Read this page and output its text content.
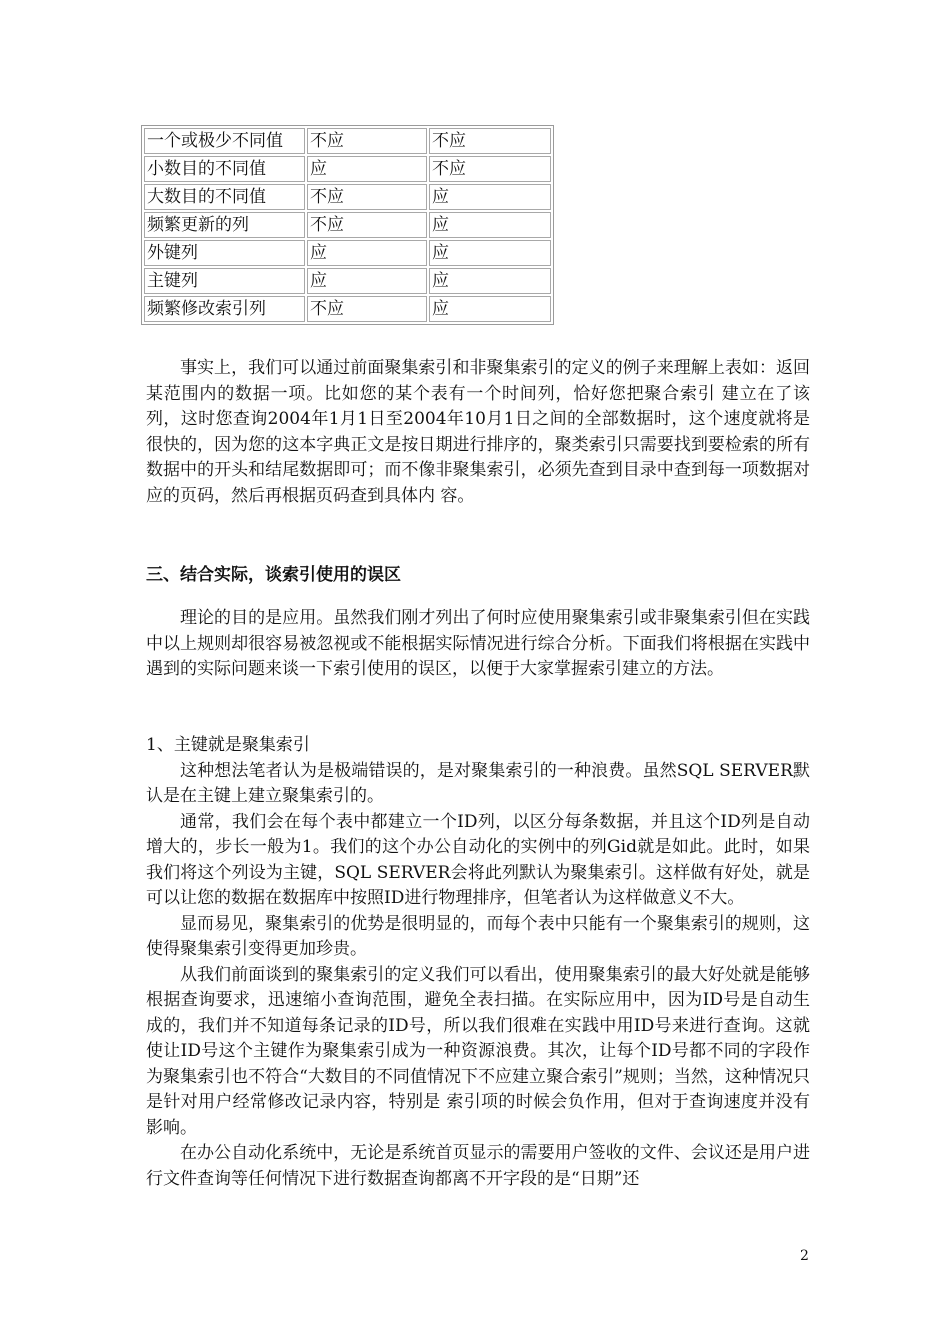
一个或极少不同值	不应	不应
小数目的不同值	应	不应
大数目的不同值	不应	应
频繁更新的列	不应	应
外键列	应	应
主键列	应	应
频繁修改索引列	不应	应

事实上，我们可以通过前面聚集索引和非聚集索引的定义的例子来理解上表如：返回某范围内的数据一项。比如您的某个表有一个时间列，恰好您把聚合索引 建立在了该列，这时您查询2004年1月1日至2004年10月1日之间的全部数据时，这个速度就将是很快的，因为您的这本字典正文是按日期进行排序的，聚类索引只需要找到要检索的所有数据中的开头和结尾数据即可；而不像非聚集索引，必须先查到目录中查到每一项数据对应的页码，然后再根据页码查到具体内 容。

三、结合实际，谈索引使用的误区

理论的目的是应用。虽然我们刚才列出了何时应使用聚集索引或非聚集索引但在实践中以上规则却很容易被忽视或不能根据实际情况进行综合分析。下面我们将根据在实践中遇到的实际问题来谈一下索引使用的误区，以便于大家掌握索引建立的方法。

1、主键就是聚集索引

这种想法笔者认为是极端错误的，是对聚集索引的一种浪费。虽然SQL SERVER默认是在主键上建立聚集索引的。

通常，我们会在每个表中都建立一个ID列，以区分每条数据，并且这个ID列是自动增大的，步长一般为1。我们的这个办公自动化的实例中的列Gid就是如此。此时，如果我们将这个列设为主键，SQL SERVER会将此列默认为聚集索引。这样做有好处，就是可以让您的数据在数据库中按照ID进行物理排序，但笔者认为这样做意义不大。

显而易见，聚集索引的优势是很明显的，而每个表中只能有一个聚集索引的规则，这使得聚集索引变得更加珍贵。

从我们前面谈到的聚集索引的定义我们可以看出，使用聚集索引的最大好处就是能够根据查询要求，迅速缩小查询范围，避免全表扫描。在实际应用中，因为ID号是自动生成的，我们并不知道每条记录的ID号，所以我们很难在实践中用ID号来进行查询。这就使让ID号这个主键作为聚集索引成为一种资源浪费。其次，让每个ID号都不同的字段作为聚集索引也不符合“大数目的不同值情况下不应建立聚合索引”规则；当然，这种情况只是针对用户经常修改记录内容，特别是 索引项的时候会负作用，但对于查询速度并没有影响。

在办公自动化系统中，无论是系统首页显示的需要用户签收的文件、会议还是用户进行文件查询等任何情况下进行数据查询都离不开字段的是“日期”还

2
